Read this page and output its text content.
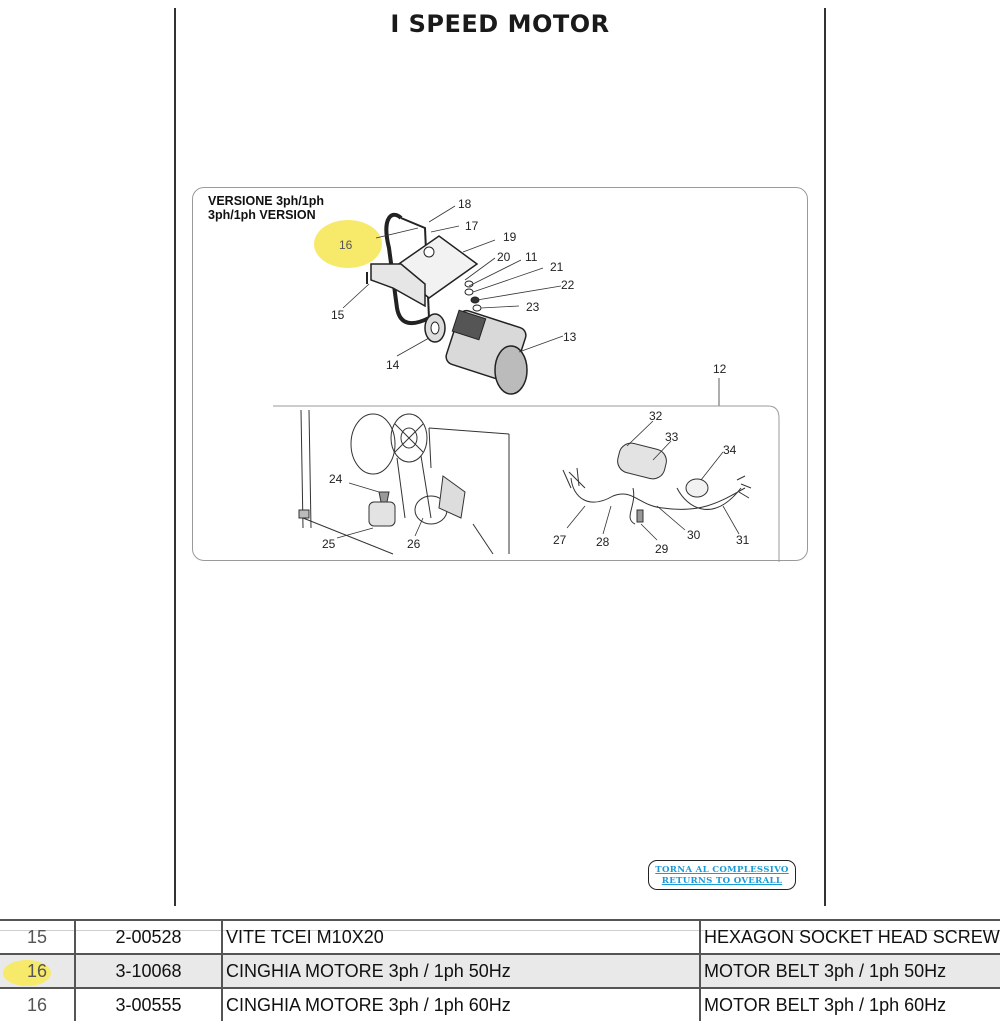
I SPEED MOTOR
18
17
19
20 11
21
22
23
13
15
14	12
16
24
25	26
32
33
34
27 28	29
30	31
VERSIONE 3ph/1ph
3ph/1ph VERSION
TORNA AL COMPLESSIVO
RETURNS TO OVERALL
15	2-00528	VITE TCEI M10X20	HEXAGON SOCKET HEAD SCREW
16	3-10068	CINGHIA MOTORE 3ph / 1ph 50Hz	MOTOR BELT 3ph / 1ph 50Hz
16	3-00555	CINGHIA MOTORE 3ph / 1ph 60Hz	MOTOR BELT 3ph / 1ph 60Hz
